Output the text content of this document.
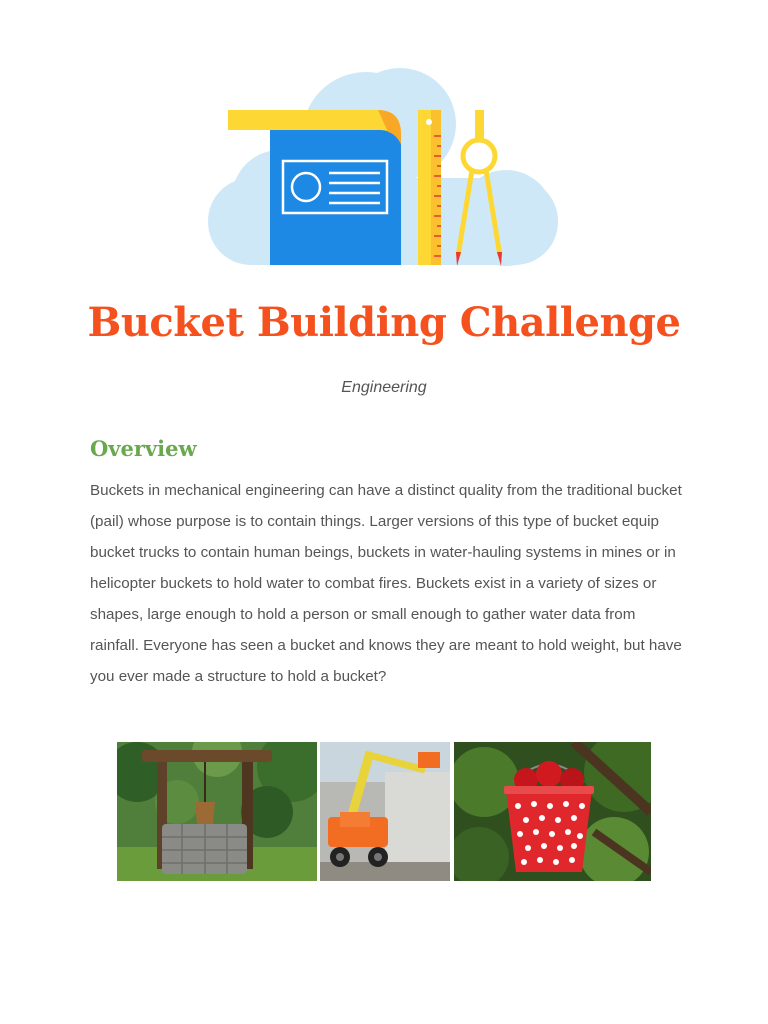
Bucket Building Challenge

Engineering

Overview

Buckets in mechanical engineering can have a distinct quality from the traditional bucket (pail) whose purpose is to contain things. Larger versions of this type of bucket equip bucket trucks to contain human beings, buckets in water-hauling systems in mines or in helicopter buckets to hold water to combat fires. Buckets exist in a variety of sizes or shapes, large enough to hold a person or small enough to gather water data from rainfall. Everyone has seen a bucket and knows they are meant to hold weight, but have you ever made a structure to hold a bucket?
